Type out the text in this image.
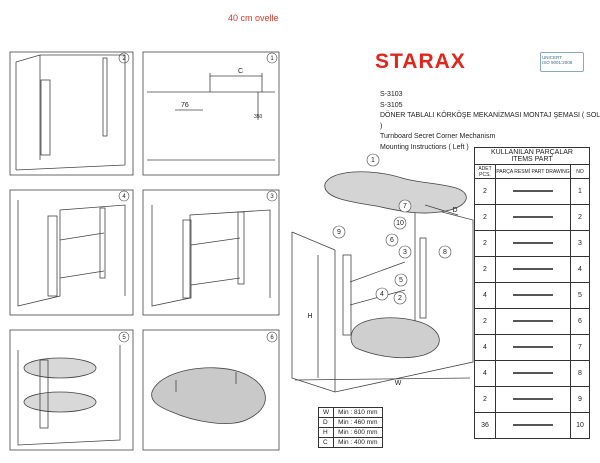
40 cm ovelle
STARAX	UNICERT
ISO 9001:2008
S-3103
S-3105
DÖNER TABLALI KÖRKÖŞE MEKANİZMASI MONTAJ ŞEMASI ( SOL )
Turnboard Secret Corner Mechanism
Mounting Instructions ( Left )
2	1
4	3
5	6
C
76
350
1
2
3
4
5
6
7
8
9
10
D
H
W
KULLANILAN PARÇALAR
ITEMS PART		

ADET PCS.	PARÇA RESMİ PART DRAWING	NO
2		1
2		2
2		3
2		4
4		5
2		6
4		7
4		8
2		9
36		10
W	Min : 810 mm
D	Min : 460 mm
H	Min : 600 mm
C	Min : 400 mm
